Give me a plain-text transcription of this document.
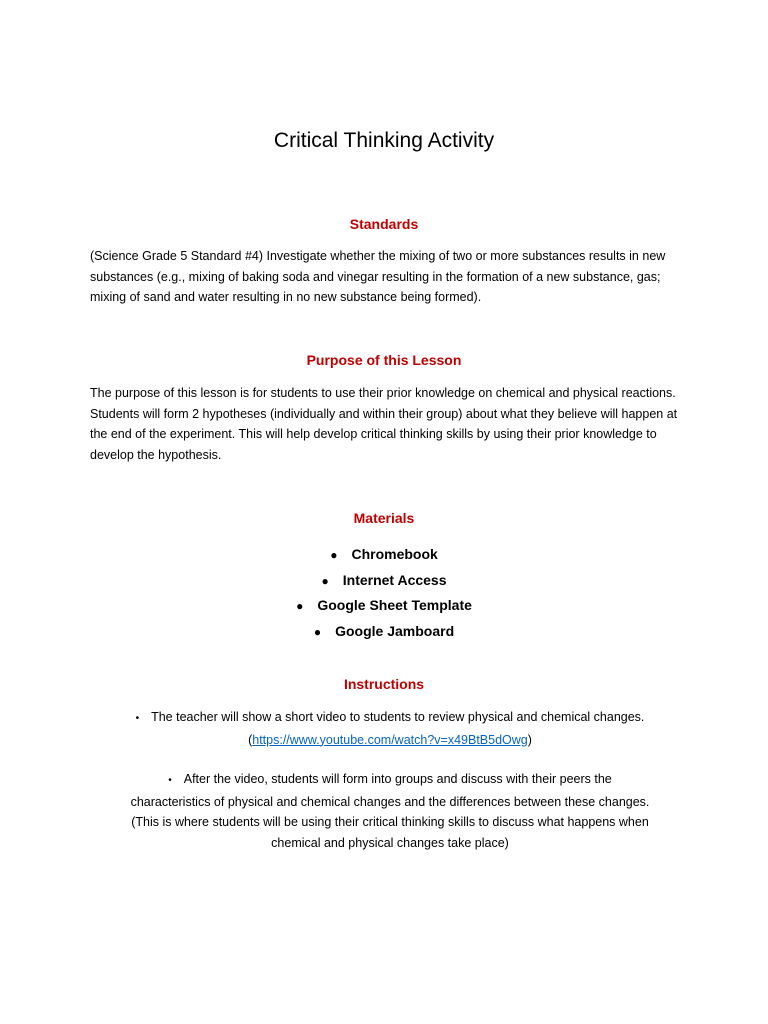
Critical Thinking Activity
Standards

(Science Grade 5 Standard #4) Investigate whether the mixing of two or more substances results in new substances (e.g., mixing of baking soda and vinegar resulting in the formation of a new substance, gas; mixing of sand and water resulting in no new substance being formed).

Purpose of this Lesson

The purpose of this lesson is for students to use their prior knowledge on chemical and physical reactions. Students will form 2 hypotheses (individually and within their group) about what they believe will happen at the end of the experiment. This will help develop critical thinking skills by using their prior knowledge to develop the hypothesis.

Materials
● Chromebook
● Internet Access
● Google Sheet Template
● Google Jamboard
Instructions

• The teacher will show a short video to students to review physical and chemical changes. (https://www.youtube.com/watch?v=x49BtB5dOwg)

• After the video, students will form into groups and discuss with their peers the characteristics of physical and chemical changes and the differences between these changes. (This is where students will be using their critical thinking skills to discuss what happens when chemical and physical changes take place)
